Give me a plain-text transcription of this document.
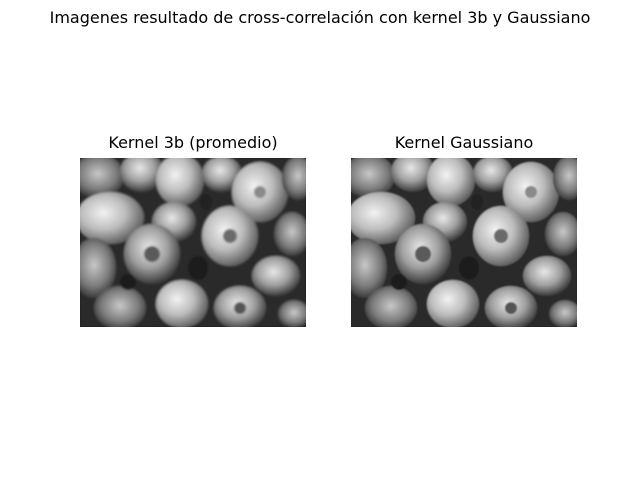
Imagenes resultado de cross-correlación con kernel 3b y Gaussiano
Kernel 3b (promedio)	Kernel Gaussiano
